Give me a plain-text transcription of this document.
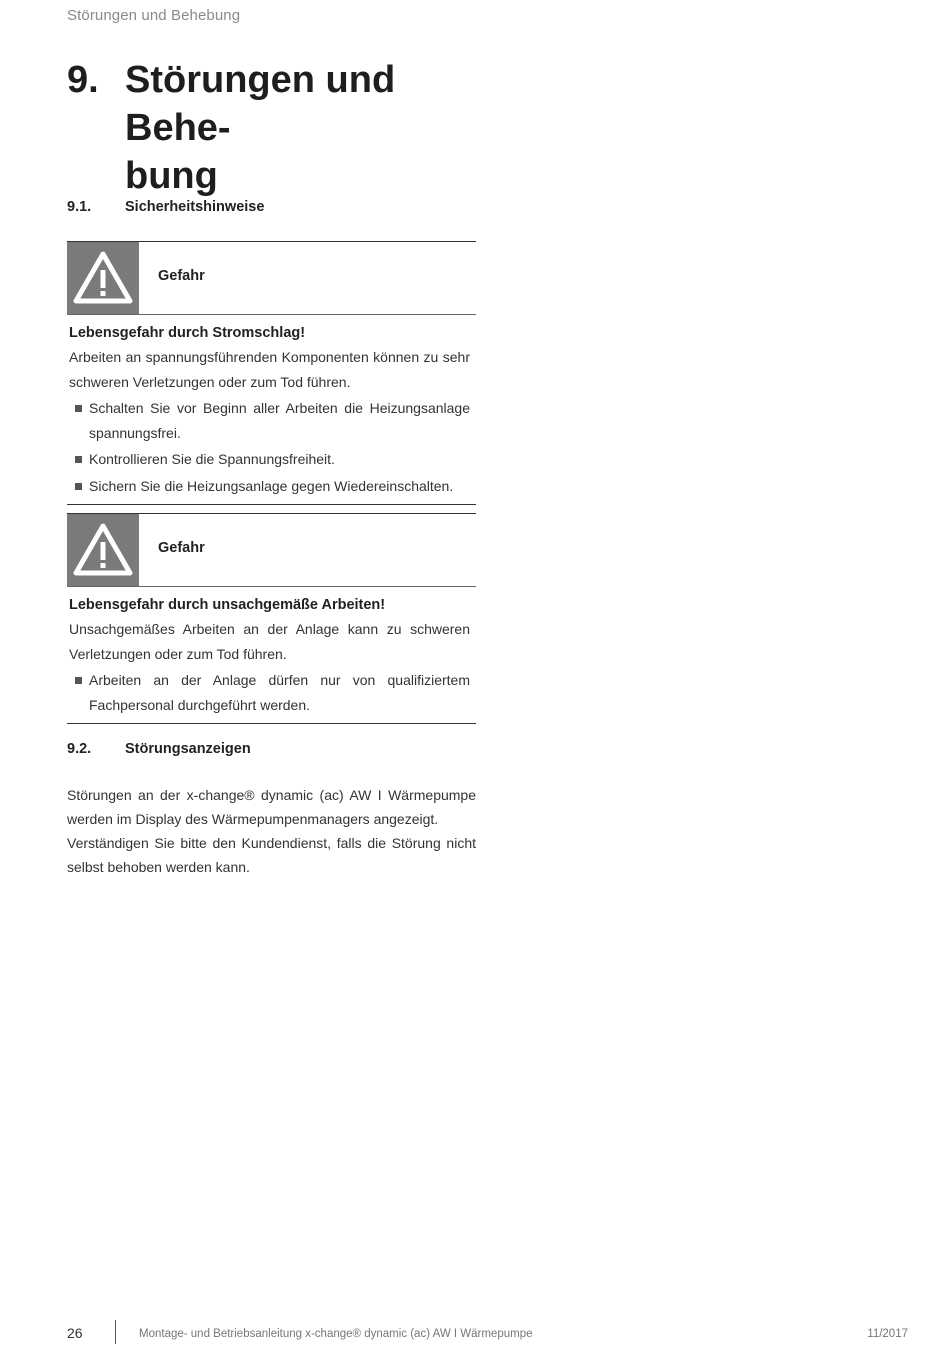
Störungen und Behebung
9. Störungen und Behe-
bung
9.1. Sicherheitshinweise
Gefahr

Lebensgefahr durch Stromschlag!

Arbeiten an spannungsführenden Komponenten können zu sehr schweren Verletzungen oder zum Tod führen.

Schalten Sie vor Beginn aller Arbeiten die Heizungsanlage spannungsfrei.
Kontrollieren Sie die Spannungsfreiheit.
Sichern Sie die Heizungsanlage gegen Wiedereinschalten.
Gefahr

Lebensgefahr durch unsachgemäße Arbeiten!

Unsachgemäßes Arbeiten an der Anlage kann zu schweren Verletzungen oder zum Tod führen.

Arbeiten an der Anlage dürfen nur von qualifiziertem Fachpersonal durchgeführt werden.
9.2. Störungsanzeigen

Störungen an der x-change® dynamic (ac) AW I Wärmepumpe werden im Display des Wärmepumpenmanagers angezeigt.

Verständigen Sie bitte den Kundendienst, falls die Störung nicht selbst behoben werden kann.

26	Montage- und Betriebsanleitung x-change® dynamic (ac) AW I Wärmepumpe	11/2017
